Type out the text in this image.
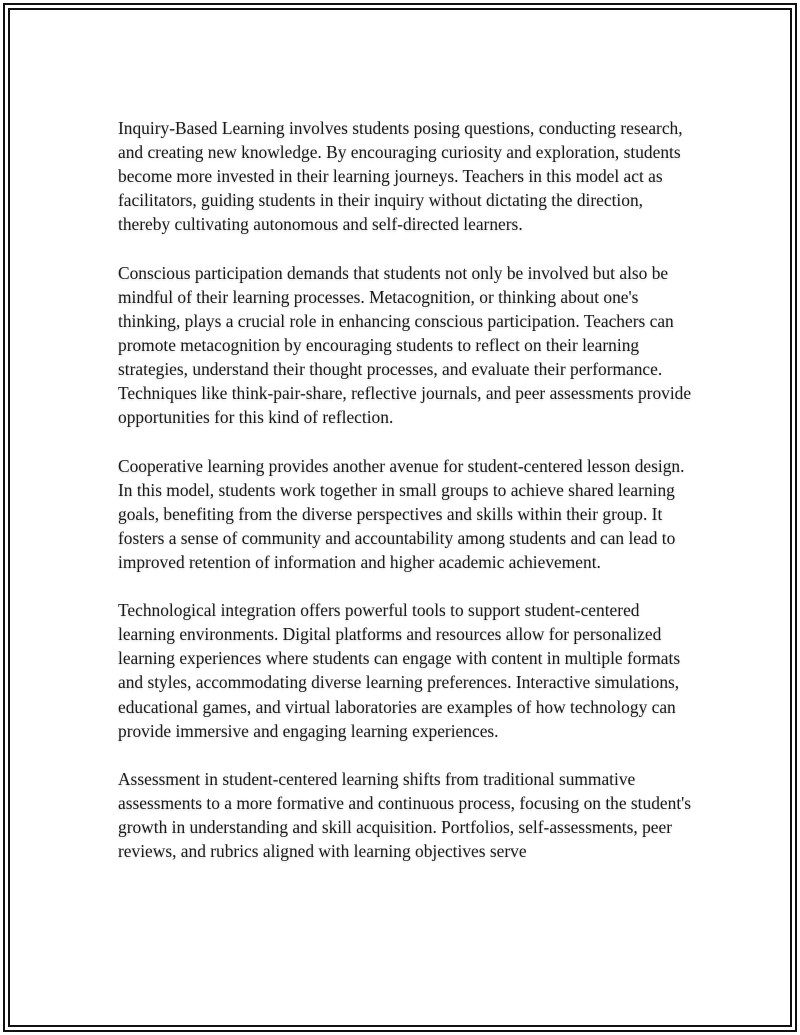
Inquiry-Based Learning involves students posing questions, conducting research, and creating new knowledge. By encouraging curiosity and exploration, students become more invested in their learning journeys. Teachers in this model act as facilitators, guiding students in their inquiry without dictating the direction, thereby cultivating autonomous and self-directed learners.

Conscious participation demands that students not only be involved but also be mindful of their learning processes. Metacognition, or thinking about one's thinking, plays a crucial role in enhancing conscious participation. Teachers can promote metacognition by encouraging students to reflect on their learning strategies, understand their thought processes, and evaluate their performance. Techniques like think-pair-share, reflective journals, and peer assessments provide opportunities for this kind of reflection.

Cooperative learning provides another avenue for student-centered lesson design. In this model, students work together in small groups to achieve shared learning goals, benefiting from the diverse perspectives and skills within their group. It fosters a sense of community and accountability among students and can lead to improved retention of information and higher academic achievement.

Technological integration offers powerful tools to support student-centered learning environments. Digital platforms and resources allow for personalized learning experiences where students can engage with content in multiple formats and styles, accommodating diverse learning preferences. Interactive simulations, educational games, and virtual laboratories are examples of how technology can provide immersive and engaging learning experiences.

Assessment in student-centered learning shifts from traditional summative assessments to a more formative and continuous process, focusing on the student's growth in understanding and skill acquisition. Portfolios, self-assessments, peer reviews, and rubrics aligned with learning objectives serve
